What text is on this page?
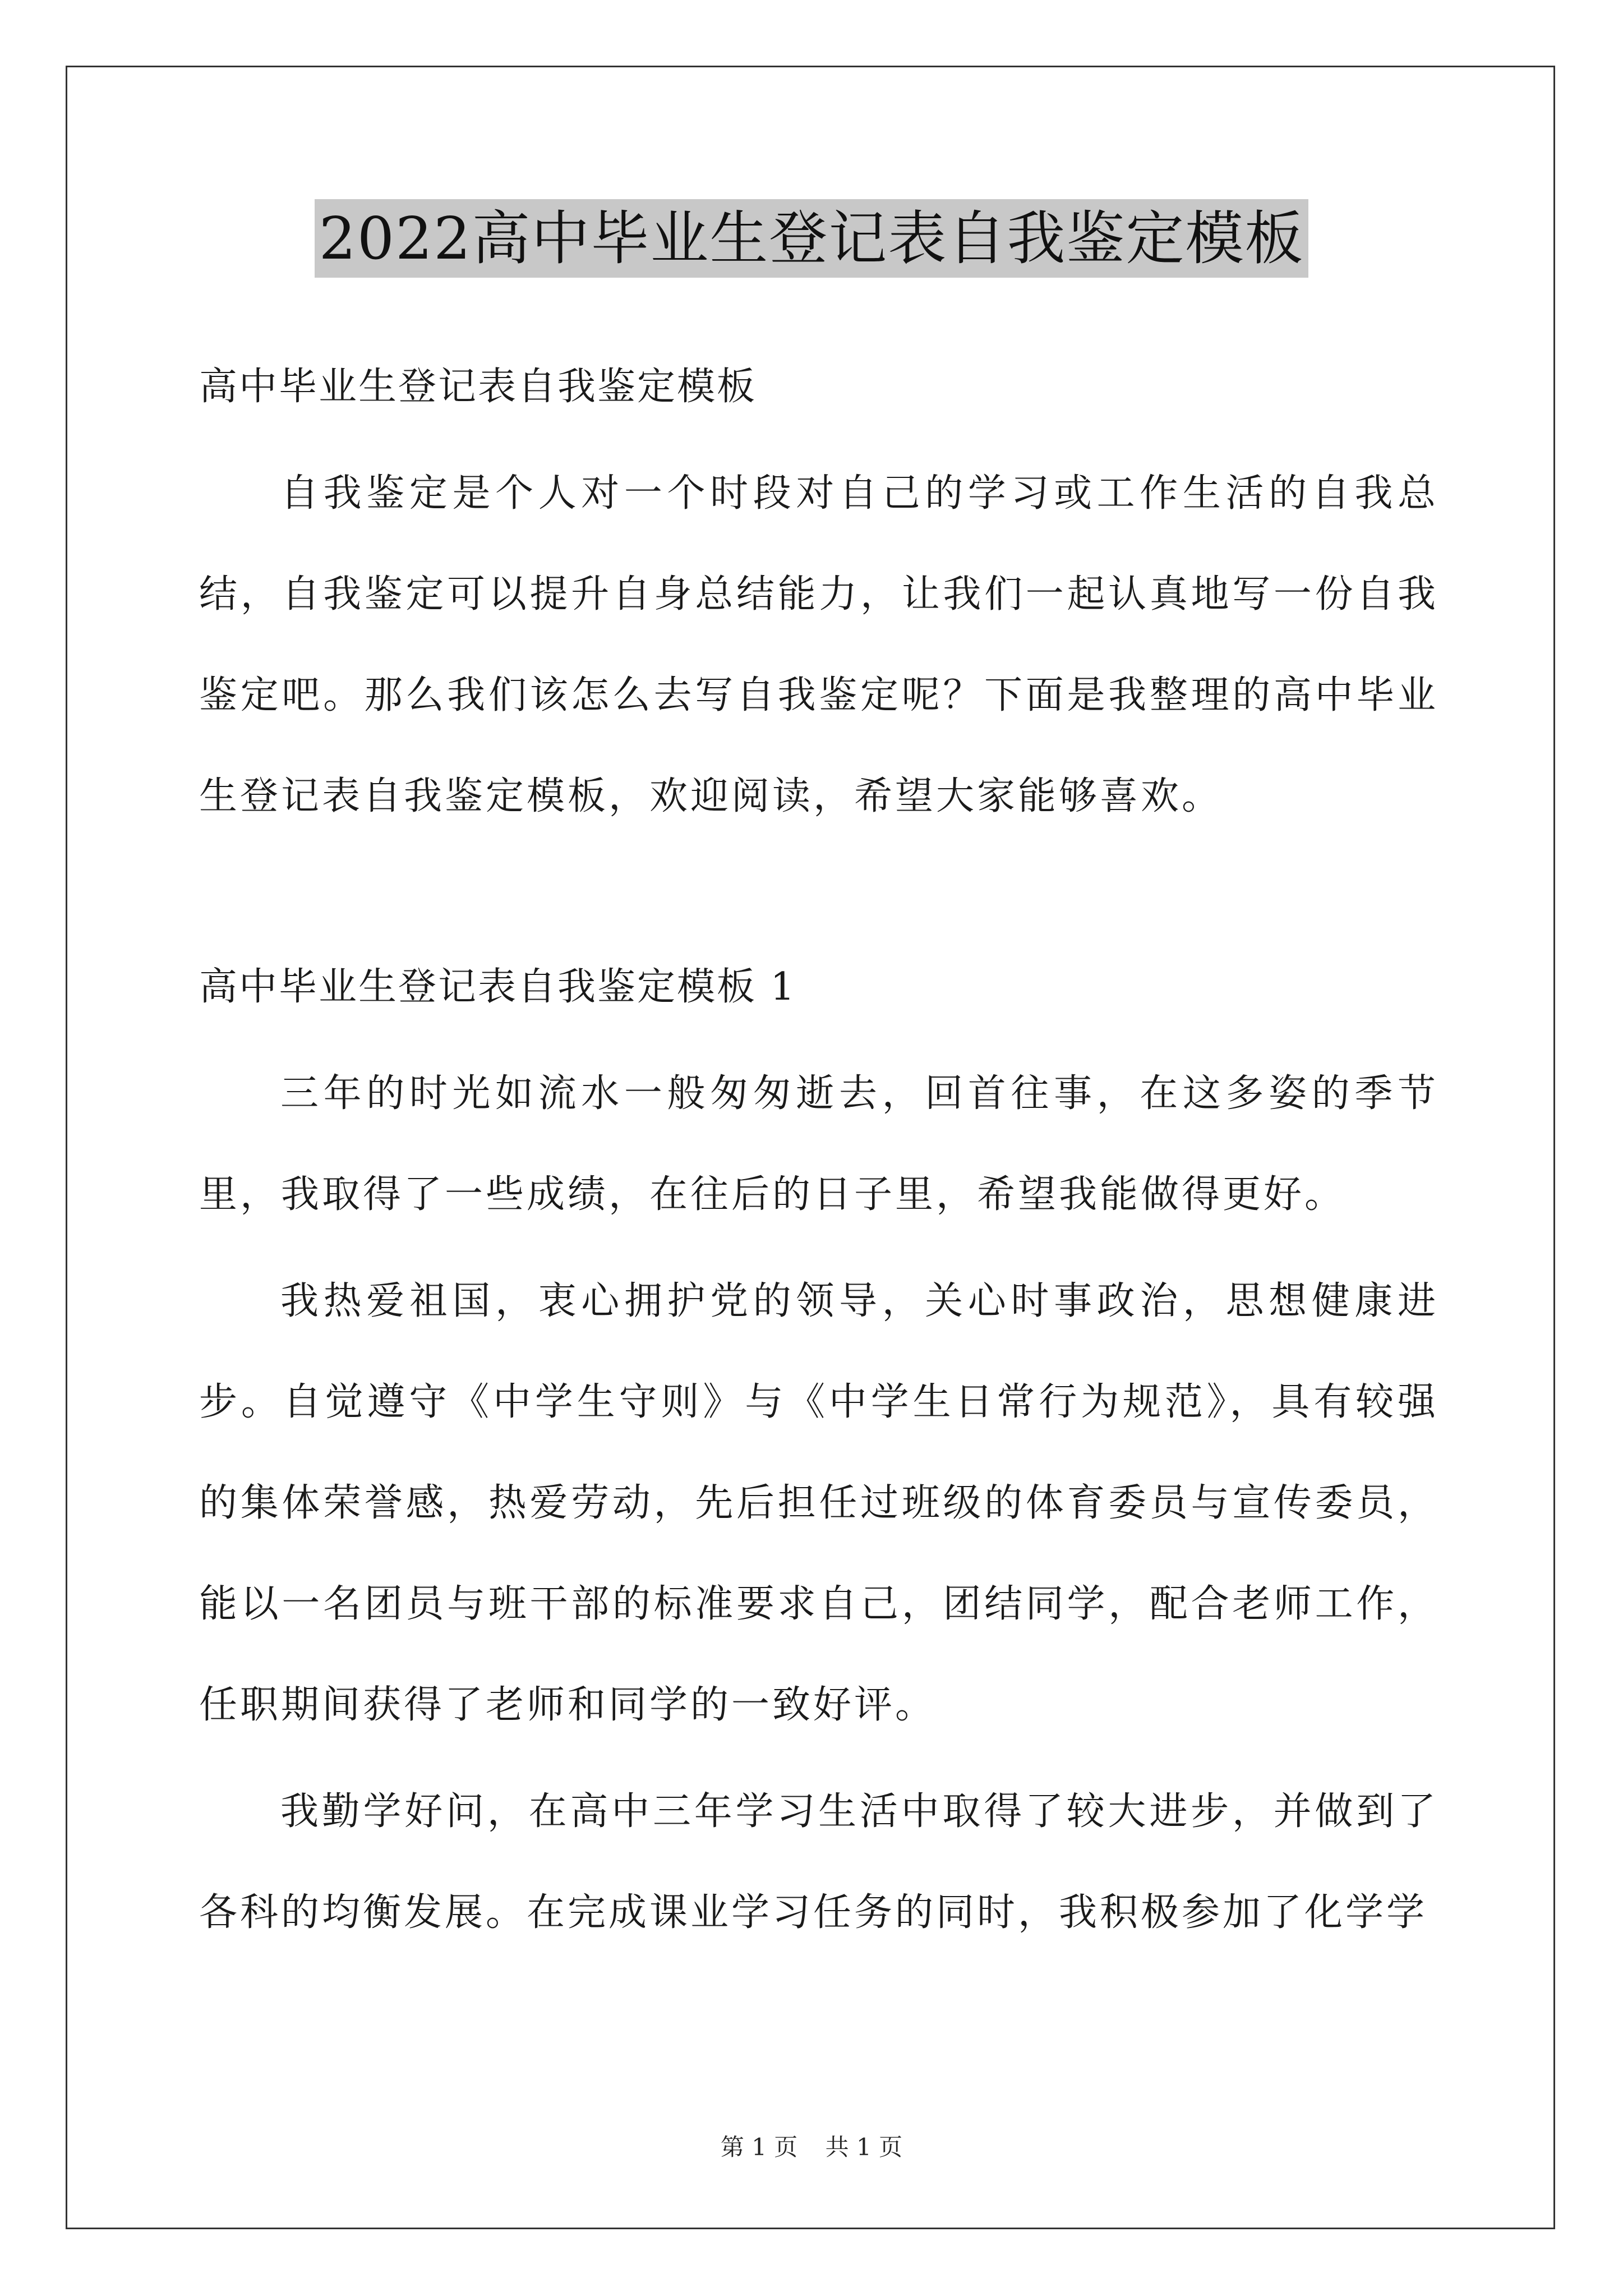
2022高中毕业生登记表自我鉴定模板

高中毕业生登记表自我鉴定模板

自我鉴定是个人对一个时段对自己的学习或工作生活的自我总结，自我鉴定可以提升自身总结能力，让我们一起认真地写一份自我鉴定吧。那么我们该怎么去写自我鉴定呢？下面是我整理的高中毕业生登记表自我鉴定模板，欢迎阅读，希望大家能够喜欢。

高中毕业生登记表自我鉴定模板 1

三年的时光如流水一般匆匆逝去，回首往事，在这多姿的季节里，我取得了一些成绩，在往后的日子里，希望我能做得更好。

我热爱祖国，衷心拥护党的领导，关心时事政治，思想健康进步。自觉遵守《中学生守则》与《中学生日常行为规范》，具有较强的集体荣誉感，热爱劳动，先后担任过班级的体育委员与宣传委员，能以一名团员与班干部的标准要求自己，团结同学，配合老师工作，任职期间获得了老师和同学的一致好评。

我勤学好问，在高中三年学习生活中取得了较大进步，并做到了各科的均衡发展。在完成课业学习任务的同时，我积极参加了化学学

第 1 页 共 1 页
